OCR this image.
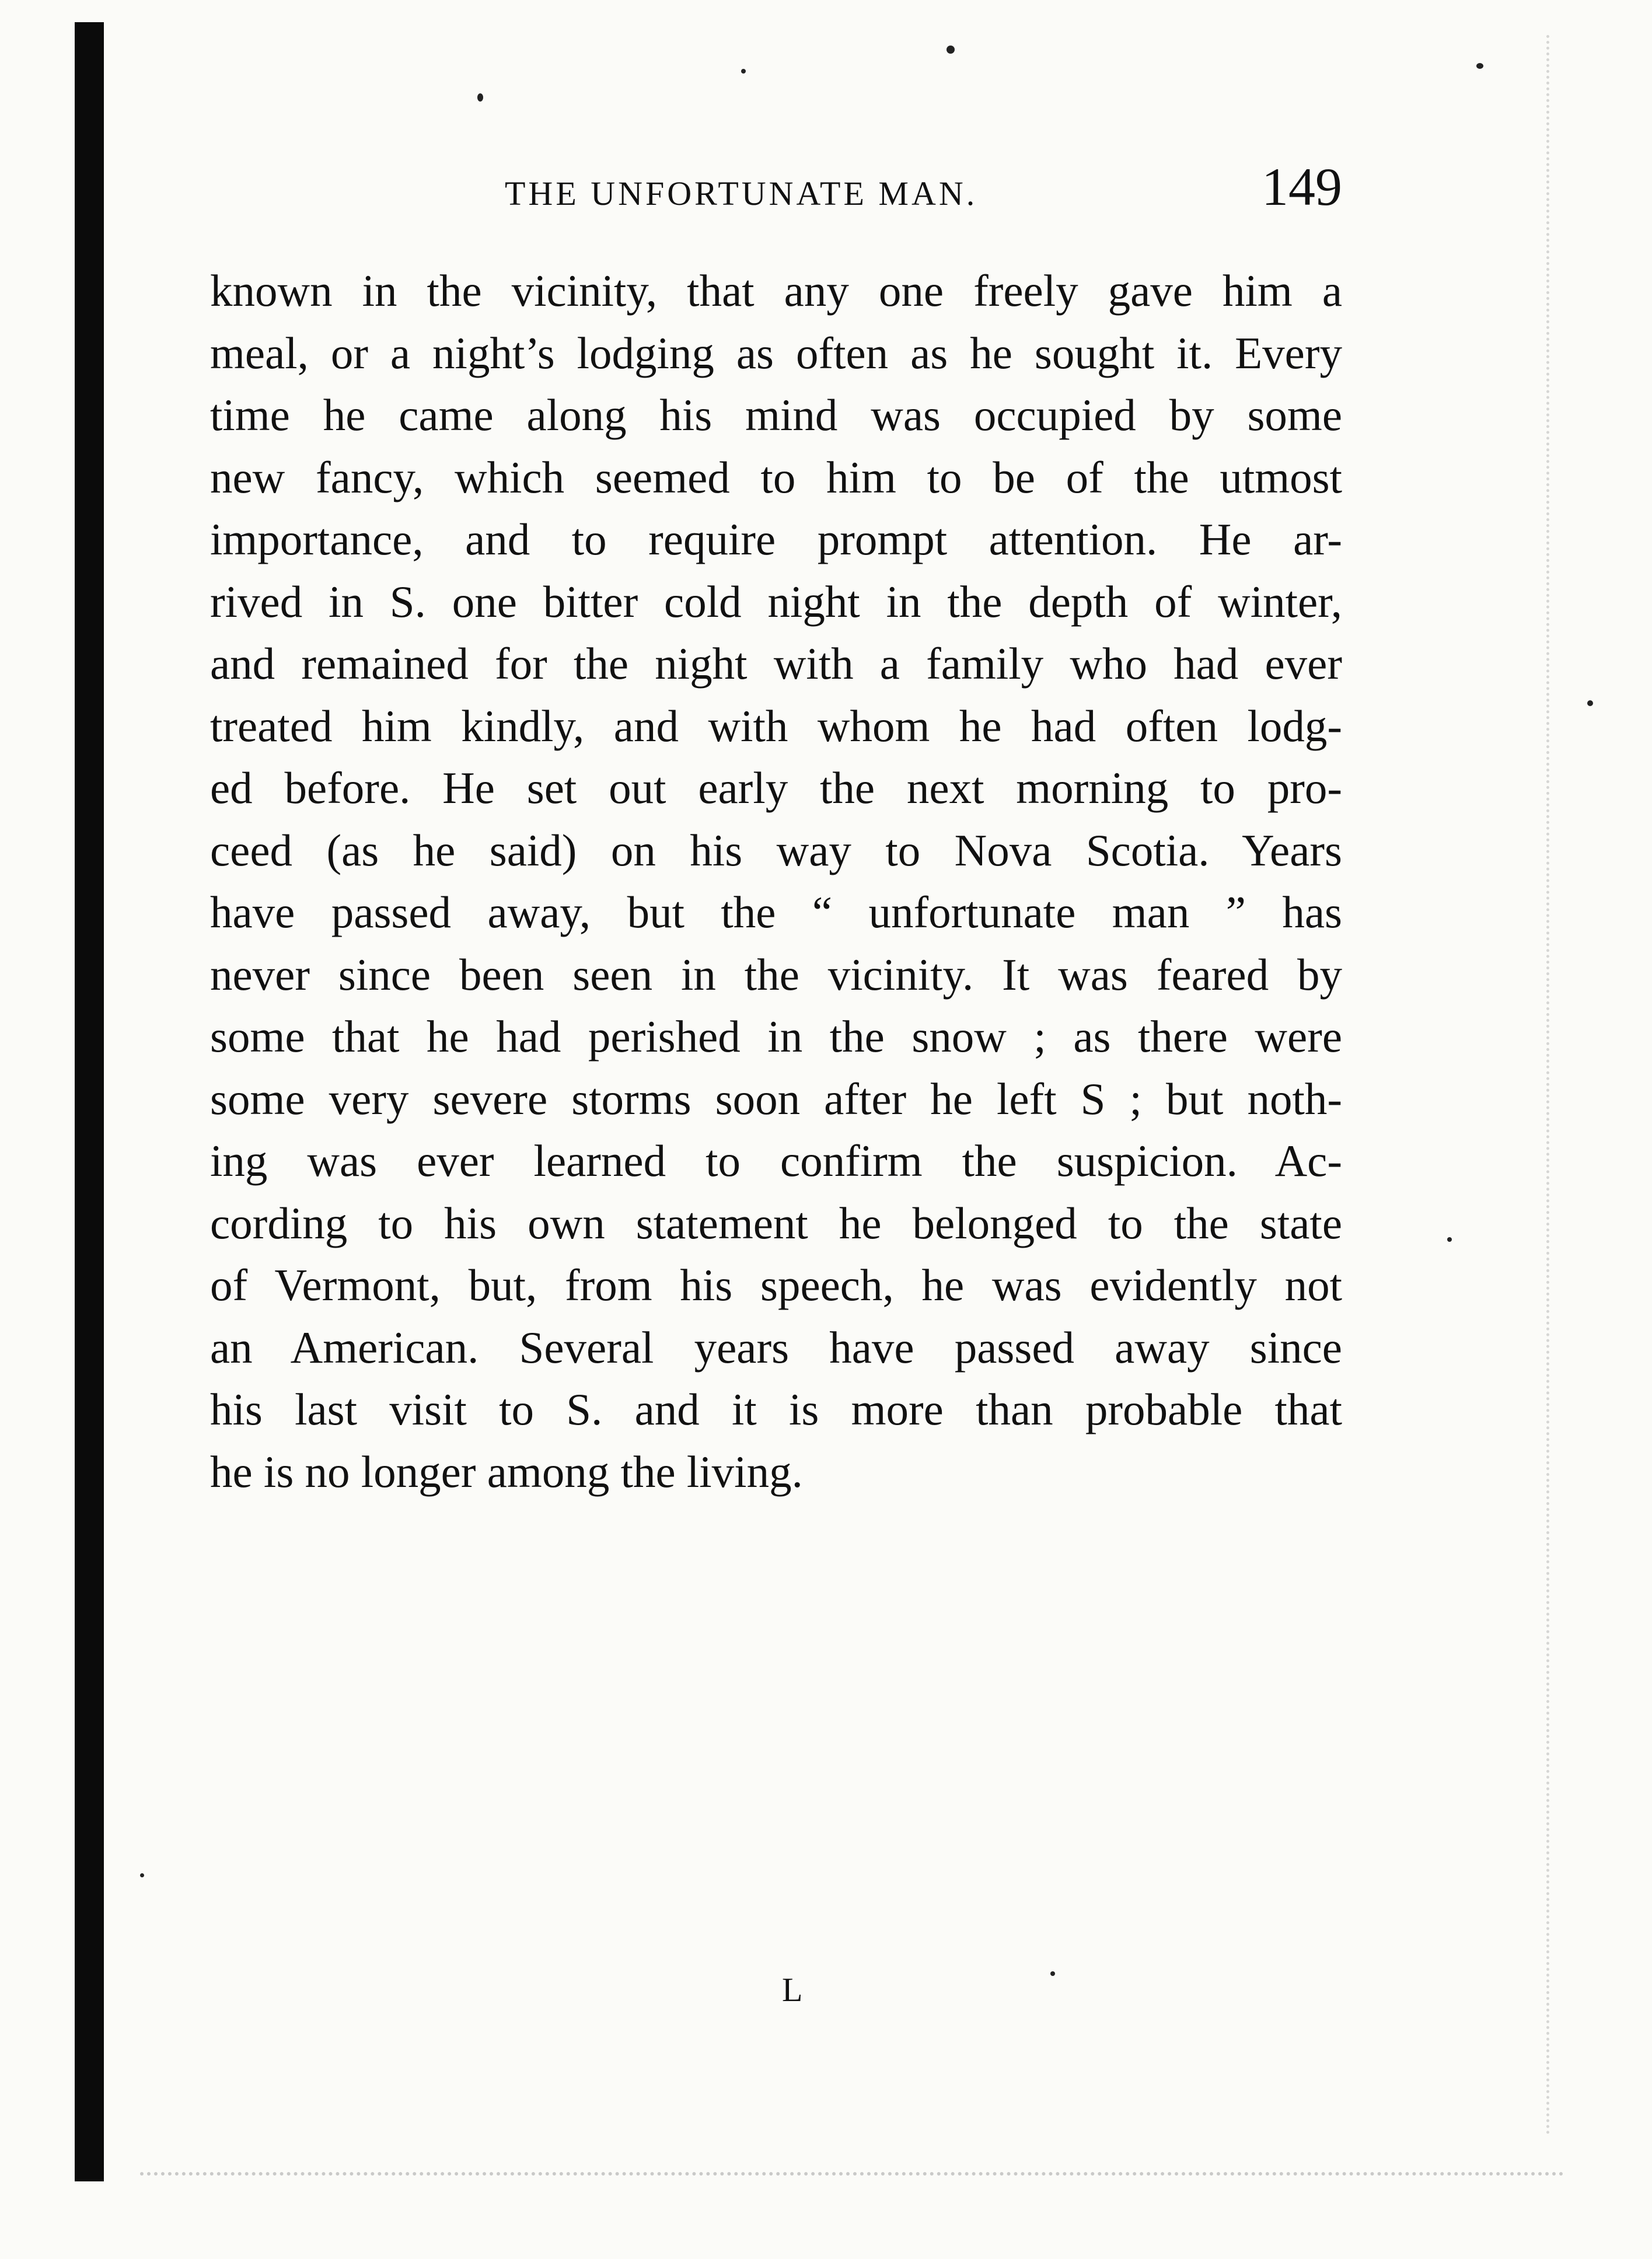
THE UNFORTUNATE MAN.	149
known in the vicinity, that any one freely gave him a
meal, or a night’s lodging as often as he sought it. Every
time he came along his mind was occupied by some
new fancy, which seemed to him to be of the utmost
importance, and to require prompt attention. He ar-
rived in S. one bitter cold night in the depth of winter,
and remained for the night with a family who had ever
treated him kindly, and with whom he had often lodg-
ed before. He set out early the next morning to pro-
ceed (as he said) on his way to Nova Scotia. Years
have passed away, but the “ unfortunate man ” has
never since been seen in the vicinity. It was feared by
some that he had perished in the snow ; as there were
some very severe storms soon after he left S ; but noth-
ing was ever learned to confirm the suspicion. Ac-
cording to his own statement he belonged to the state
of Vermont, but, from his speech, he was evidently not
an American. Several years have passed away since
his last visit to S. and it is more than probable that
he is no longer among the living.
L
